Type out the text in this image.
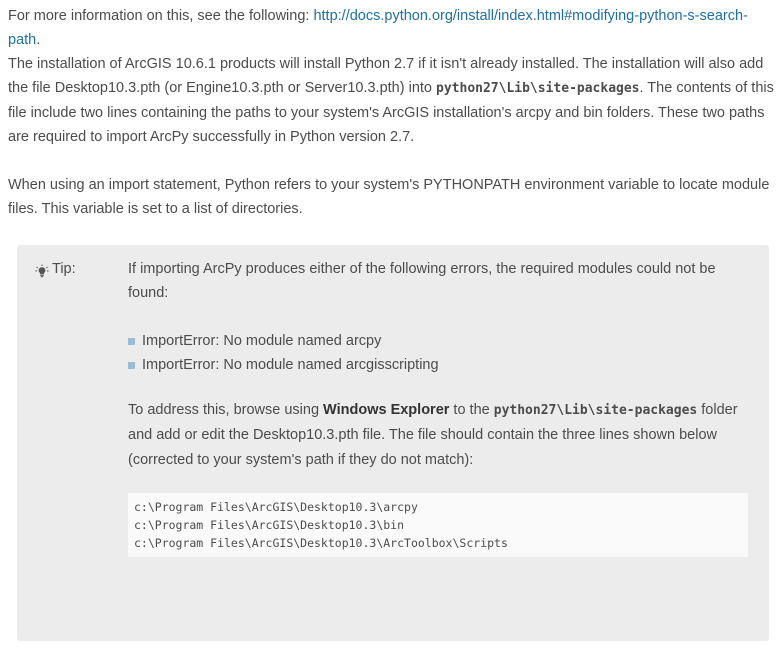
For more information on this, see the following: http://docs.python.org/install/index.html#modifying-python-s-search-path.

The installation of ArcGIS 10.6.1 products will install Python 2.7 if it isn't already installed. The installation will also add the file Desktop10.3.pth (or Engine10.3.pth or Server10.3.pth) into python27\Lib\site-packages. The contents of this file include two lines containing the paths to your system's ArcGIS installation's arcpy and bin folders. These two paths are required to import ArcPy successfully in Python version 2.7.

When using an import statement, Python refers to your system's PYTHONPATH environment variable to locate module files. This variable is set to a list of directories.

Tip:	If importing ArcPy produces either of the following errors, the required modules could not be found:

ImportError: No module named arcpy
ImportError: No module named arcgisscripting

To address this, browse using Windows Explorer to the python27\Lib\site-packages folder and add or edit the Desktop10.3.pth file. The file should contain the three lines shown below (corrected to your system's path if they do not match):

c:\Program Files\ArcGIS\Desktop10.3\arcpy
c:\Program Files\ArcGIS\Desktop10.3\bin
c:\Program Files\ArcGIS\Desktop10.3\ArcToolbox\Scripts
